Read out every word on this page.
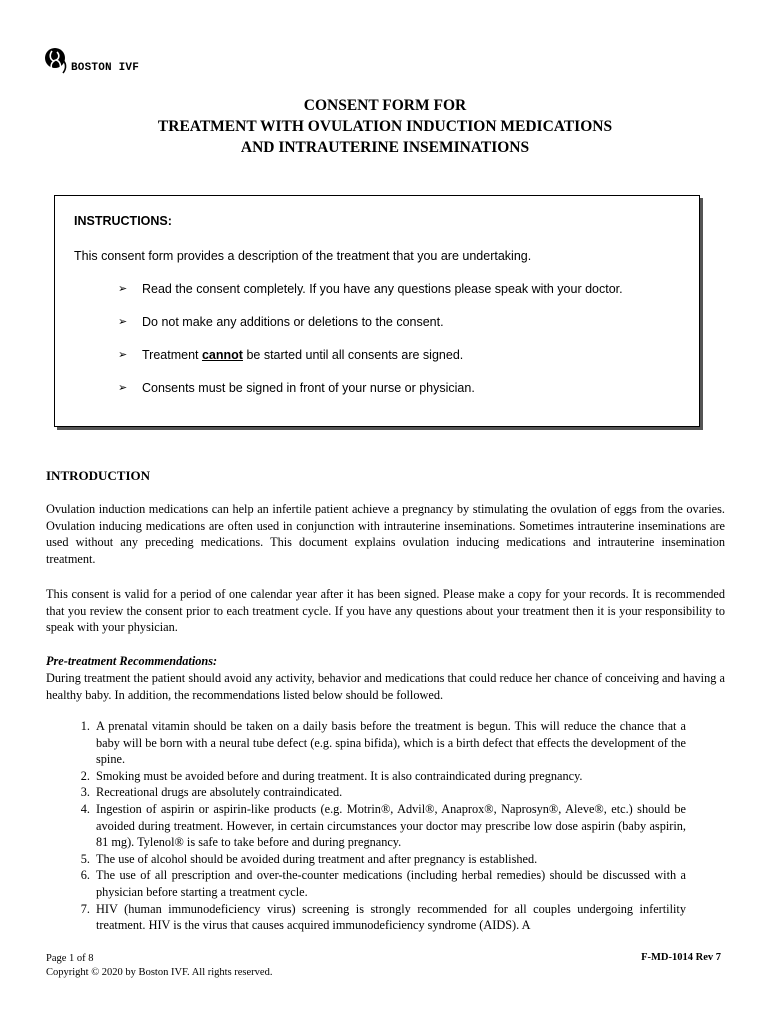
BOSTON IVF
CONSENT FORM FOR
TREATMENT WITH OVULATION INDUCTION MEDICATIONS
AND INTRAUTERINE INSEMINATIONS
INSTRUCTIONS:
This consent form provides a description of the treatment that you are undertaking.
➢	Read the consent completely. If you have any questions please speak with your doctor.
➢	Do not make any additions or deletions to the consent.
➢	Treatment cannot be started until all consents are signed.
➢	Consents must be signed in front of your nurse or physician.
INTRODUCTION
Ovulation induction medications can help an infertile patient achieve a pregnancy by stimulating the ovulation of eggs from the ovaries. Ovulation inducing medications are often used in conjunction with intrauterine inseminations. Sometimes intrauterine inseminations are used without any preceding medications. This document explains ovulation inducing medications and intrauterine insemination treatment.
This consent is valid for a period of one calendar year after it has been signed. Please make a copy for your records. It is recommended that you review the consent prior to each treatment cycle. If you have any questions about your treatment then it is your responsibility to speak with your physician.
Pre-treatment Recommendations:
During treatment the patient should avoid any activity, behavior and medications that could reduce her chance of conceiving and having a healthy baby. In addition, the recommendations listed below should be followed.
1. A prenatal vitamin should be taken on a daily basis before the treatment is begun. This will reduce the chance that a baby will be born with a neural tube defect (e.g. spina bifida), which is a birth defect that effects the development of the spine.
2. Smoking must be avoided before and during treatment. It is also contraindicated during pregnancy.
3. Recreational drugs are absolutely contraindicated.
4. Ingestion of aspirin or aspirin-like products (e.g. Motrin®, Advil®, Anaprox®, Naprosyn®, Aleve®, etc.) should be avoided during treatment. However, in certain circumstances your doctor may prescribe low dose aspirin (baby aspirin, 81 mg). Tylenol® is safe to take before and during pregnancy.
5. The use of alcohol should be avoided during treatment and after pregnancy is established.
6. The use of all prescription and over-the-counter medications (including herbal remedies) should be discussed with a physician before starting a treatment cycle.
7. HIV (human immunodeficiency virus) screening is strongly recommended for all couples undergoing infertility treatment. HIV is the virus that causes acquired immunodeficiency syndrome (AIDS). A
Page 1 of 8
Copyright © 2020 by Boston IVF. All rights reserved.
F-MD-1014 Rev 7
